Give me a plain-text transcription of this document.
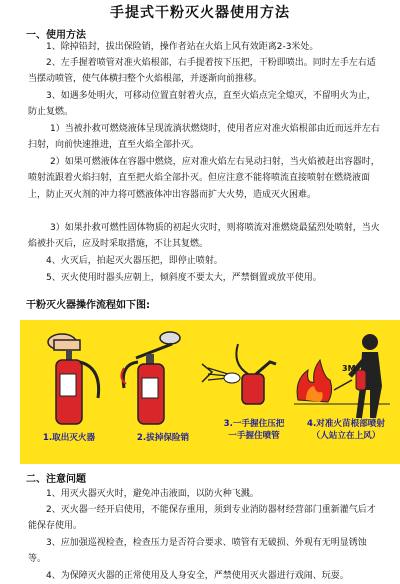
手提式干粉灭火器使用方法
一、使用方法
1、除掉铅封，拔出保险销，操作者站在火焰上风有效距离2-3米处。
2、左手握着喷管对准火焰根部，右手提着按下压把，干粉即喷出。同时左手左右适当摆动喷管，使气体横扫整个火焰根部，并逐渐向前推移。
3、如遇多处明火，可移动位置直射着火点，直至火焰点完全熄灭，不留明火为止，防止复燃。
1）当被扑救可燃烧液体呈现流淌状燃烧时，使用者应对准火焰根部由近而远并左右扫射，向前快速推进，直至火焰全部扑灭。
2）如果可燃液体在容器中燃烧，应对准火焰左右晃动扫射，当火焰被赶出容器时，喷射流跟着火焰扫射，直至把火焰全部扑灭。但应注意不能将喷流直接喷射在燃烧液面上，防止灭火剂的冲力将可燃液体冲出容器而扩大火势，造成灭火困难。
3）如果扑救可燃性固体物质的初起火灾时，则将喷流对准燃烧最猛烈处喷射，当火焰被扑灭后，应及时采取措施，不让其复燃。
4、火灭后，拍起灭火器压把，即停止喷射。
5、灭火使用时器头应朝上，倾斜度不要太大，严禁倒置或放平使用。
干粉灭火器操作流程如下图:
3M
1.取出灭火器	2.拔掉保险销
3.一手握住压把
一手握住喷管
4.对准火苗根部喷射
（人站立在上风）
二、注意问题
1、用灭火器灭火时，避免冲击液面，以防火种飞溅。
2、灭火器一经开启使用，不能保存重用，须到专业消防器材经营部门重新灌气后才能保存使用。
3、应加强巡视检查，检查压力是否符合要求、喷管有无破损、外观有无明显锈蚀等。
4、为保障灭火器的正常使用及人身安全，严禁使用灭火器进行戏闹、玩耍。
